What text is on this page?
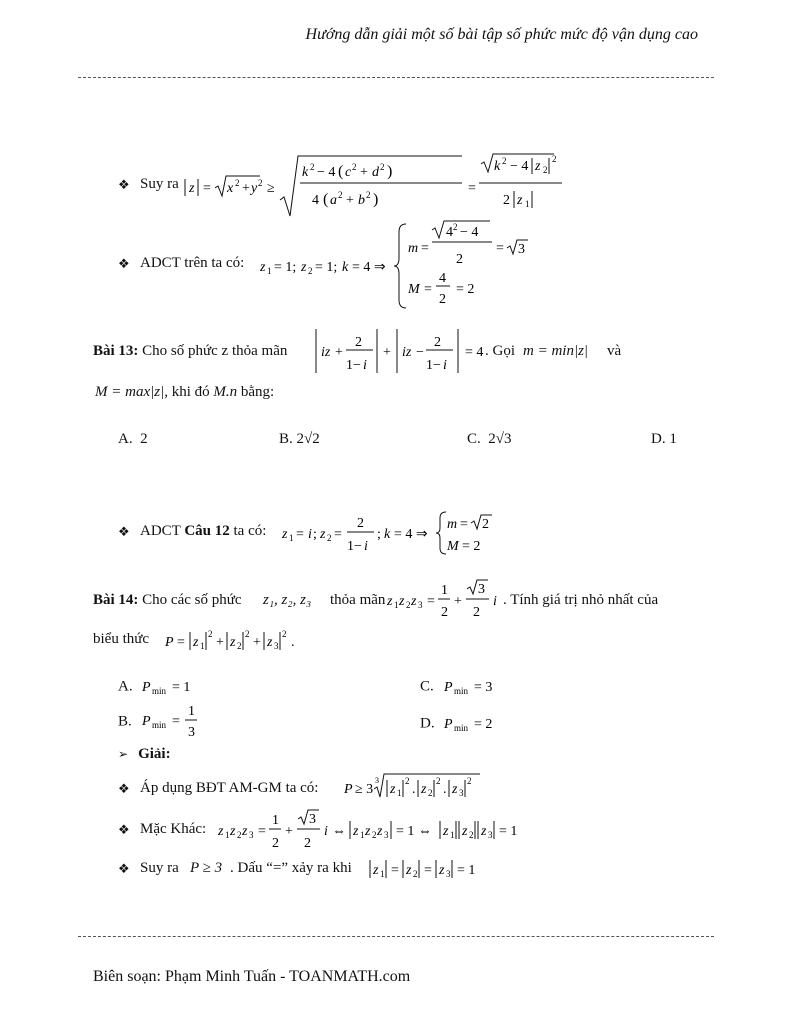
Hướng dẫn giải một số bài tập số phức mức độ vận dụng cao
❖ Suy ra z = x 2 + y 2 ≥
k 2 − 4 ( c 2 + d 2 )
4 ( a 2 + b 2 )
=
k 2 − 4 z 2
2
2 z 1
❖ ADCT trên ta có: z 1 = 1; z 2 = 1; k = 4 ⇒
m =
4 2 − 4
2
= 3
M =
4
2
= 2
Bài 13: Cho số phức z thỏa mãn iz +
2
1− i
+ iz −
2
1− i
= 4 . Gọi m = min|z| và
M = max|z|, khi đó M.n bằng:
A. 2	B. 2√2	C. 2√3	D. 1
❖ ADCT Câu 12 ta có: z 1 = i ; z 2 =
2
1− i
; k = 4 ⇒
m = 2
M = 2
Bài 14: Cho các số phức z₁, z₂, z₃ thỏa mãn z 1 z 2 z 3 =
1
2
+
3
2
i . Tính giá trị nhỏ nhất của
biểu thức P = z 1
2
+ z 2
2
+ z 3
2
.
A. P min = 1	C. P min = 3
B. P min =
1
3
D. P min = 2
➢ Giải:
❖ Áp dụng BĐT AM-GM ta có: P ≥ 3
3
z 1
2
. z 2
2
. z 3
2
❖ Mặc Khác: z 1 z 2 z 3 =
1
2
+
3
2
i ⇔ z 1 z 2 z 3 = 1 ⇔ z 1 z 2 z 3 = 1
❖ Suy ra P ≥ 3 . Dấu “=” xảy ra khi z 1 = z 2 = z 3 = 1
Biên soạn: Phạm Minh Tuấn - TOANMATH.com
